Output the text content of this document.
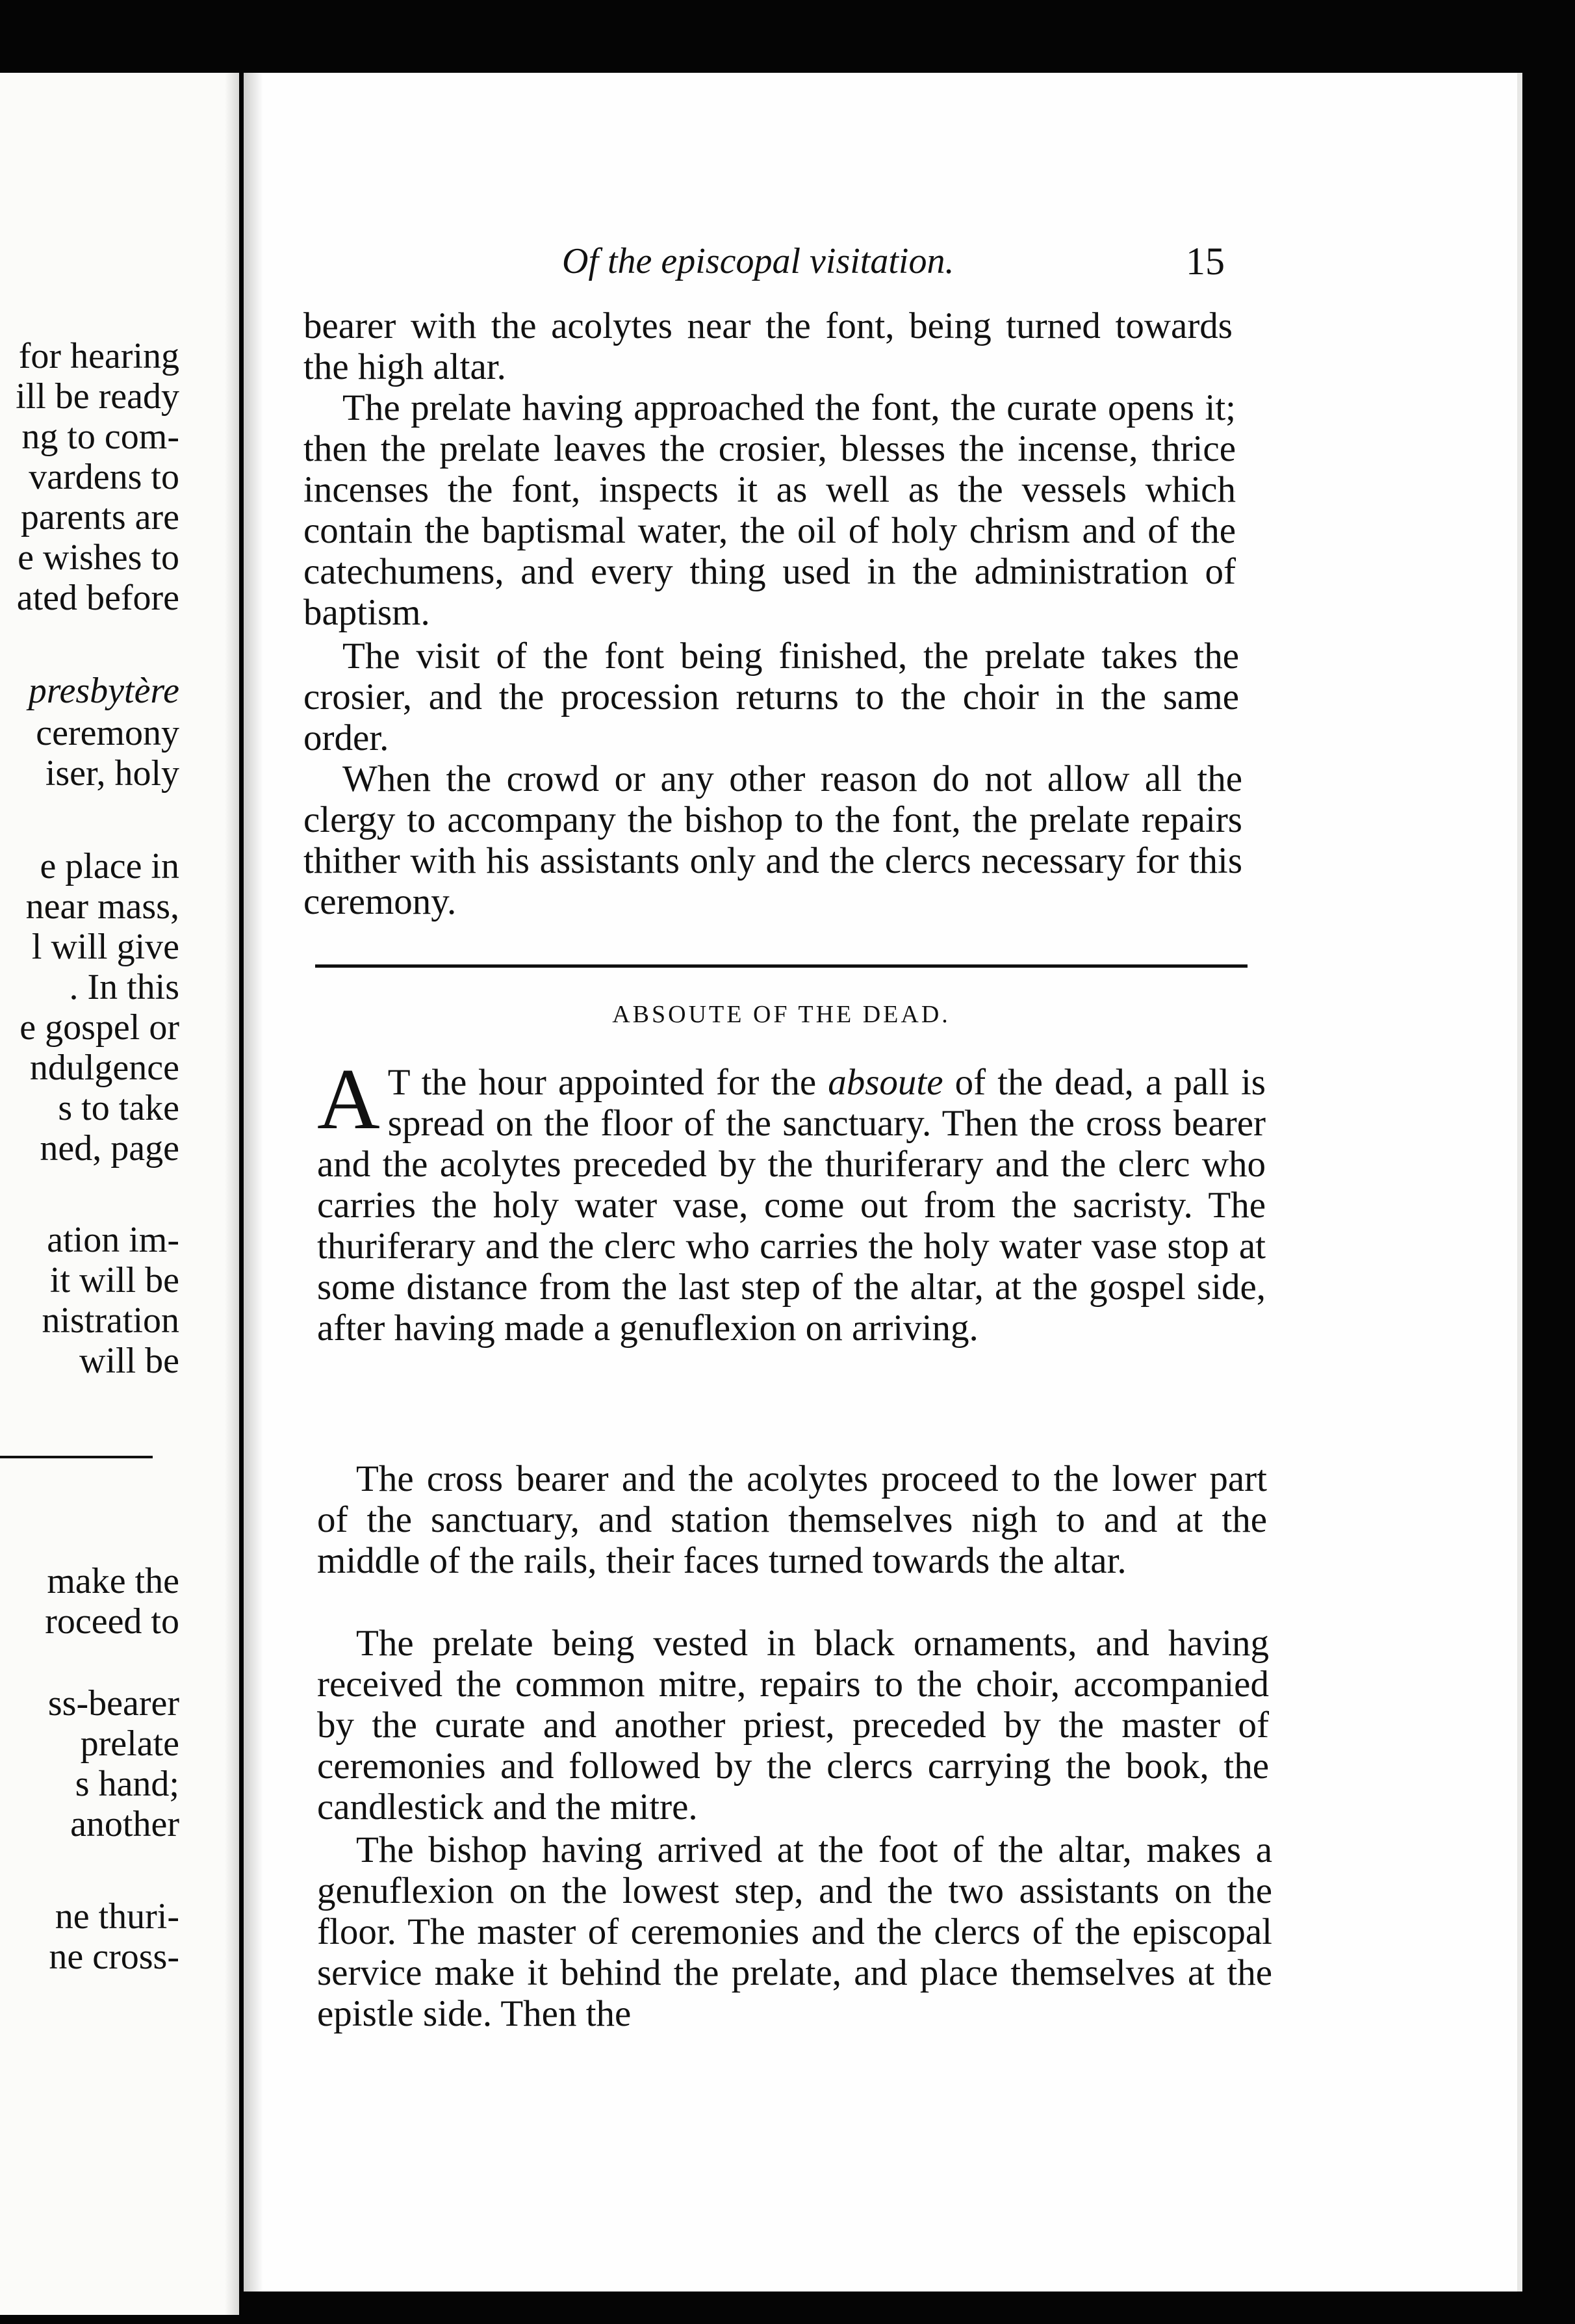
for hearing
ill be ready
ng to com-
vardens to
parents are
e wishes to
ated before
presbytère
ceremony
iser, holy
e place in
near mass,
l will give
. In this
e gospel or
ndulgence
s to take
ned, page
ation im-
it will be
nistration
will be
make the
roceed to
ss-bearer
prelate
s hand;
another
ne thuri-
ne cross-
Of the episcopal visitation.	15

bearer with the acolytes near the font, being turned towards the high altar.

The prelate having approached the font, the curate opens it; then the prelate leaves the crosier, blesses the incense, thrice incenses the font, inspects it as well as the vessels which contain the baptismal water, the oil of holy chrism and of the catechumens, and every thing used in the administration of baptism.

The visit of the font being finished, the prelate takes the crosier, and the procession returns to the choir in the same order.

When the crowd or any other reason do not allow all the clergy to accompany the bishop to the font, the prelate repairs thither with his assistants only and the clercs necessary for this ceremony.

ABSOUTE OF THE DEAD.

A T the hour appointed for the absoute of the dead, a pall is spread on the floor of the sanctuary. Then the cross bearer and the acolytes preceded by the thuriferary and the clerc who carries the holy water vase, come out from the sacristy. The thuriferary and the clerc who carries the holy water vase stop at some distance from the last step of the altar, at the gospel side, after having made a genuflexion on arriving.

The cross bearer and the acolytes proceed to the lower part of the sanctuary, and station themselves nigh to and at the middle of the rails, their faces turned towards the altar.

The prelate being vested in black ornaments, and having received the common mitre, repairs to the choir, accompanied by the curate and another priest, preceded by the master of ceremonies and followed by the clercs carrying the book, the candlestick and the mitre.

The bishop having arrived at the foot of the altar, makes a genuflexion on the lowest step, and the two assistants on the floor. The master of ceremonies and the clercs of the episcopal service make it behind the prelate, and place themselves at the epistle side. Then the
